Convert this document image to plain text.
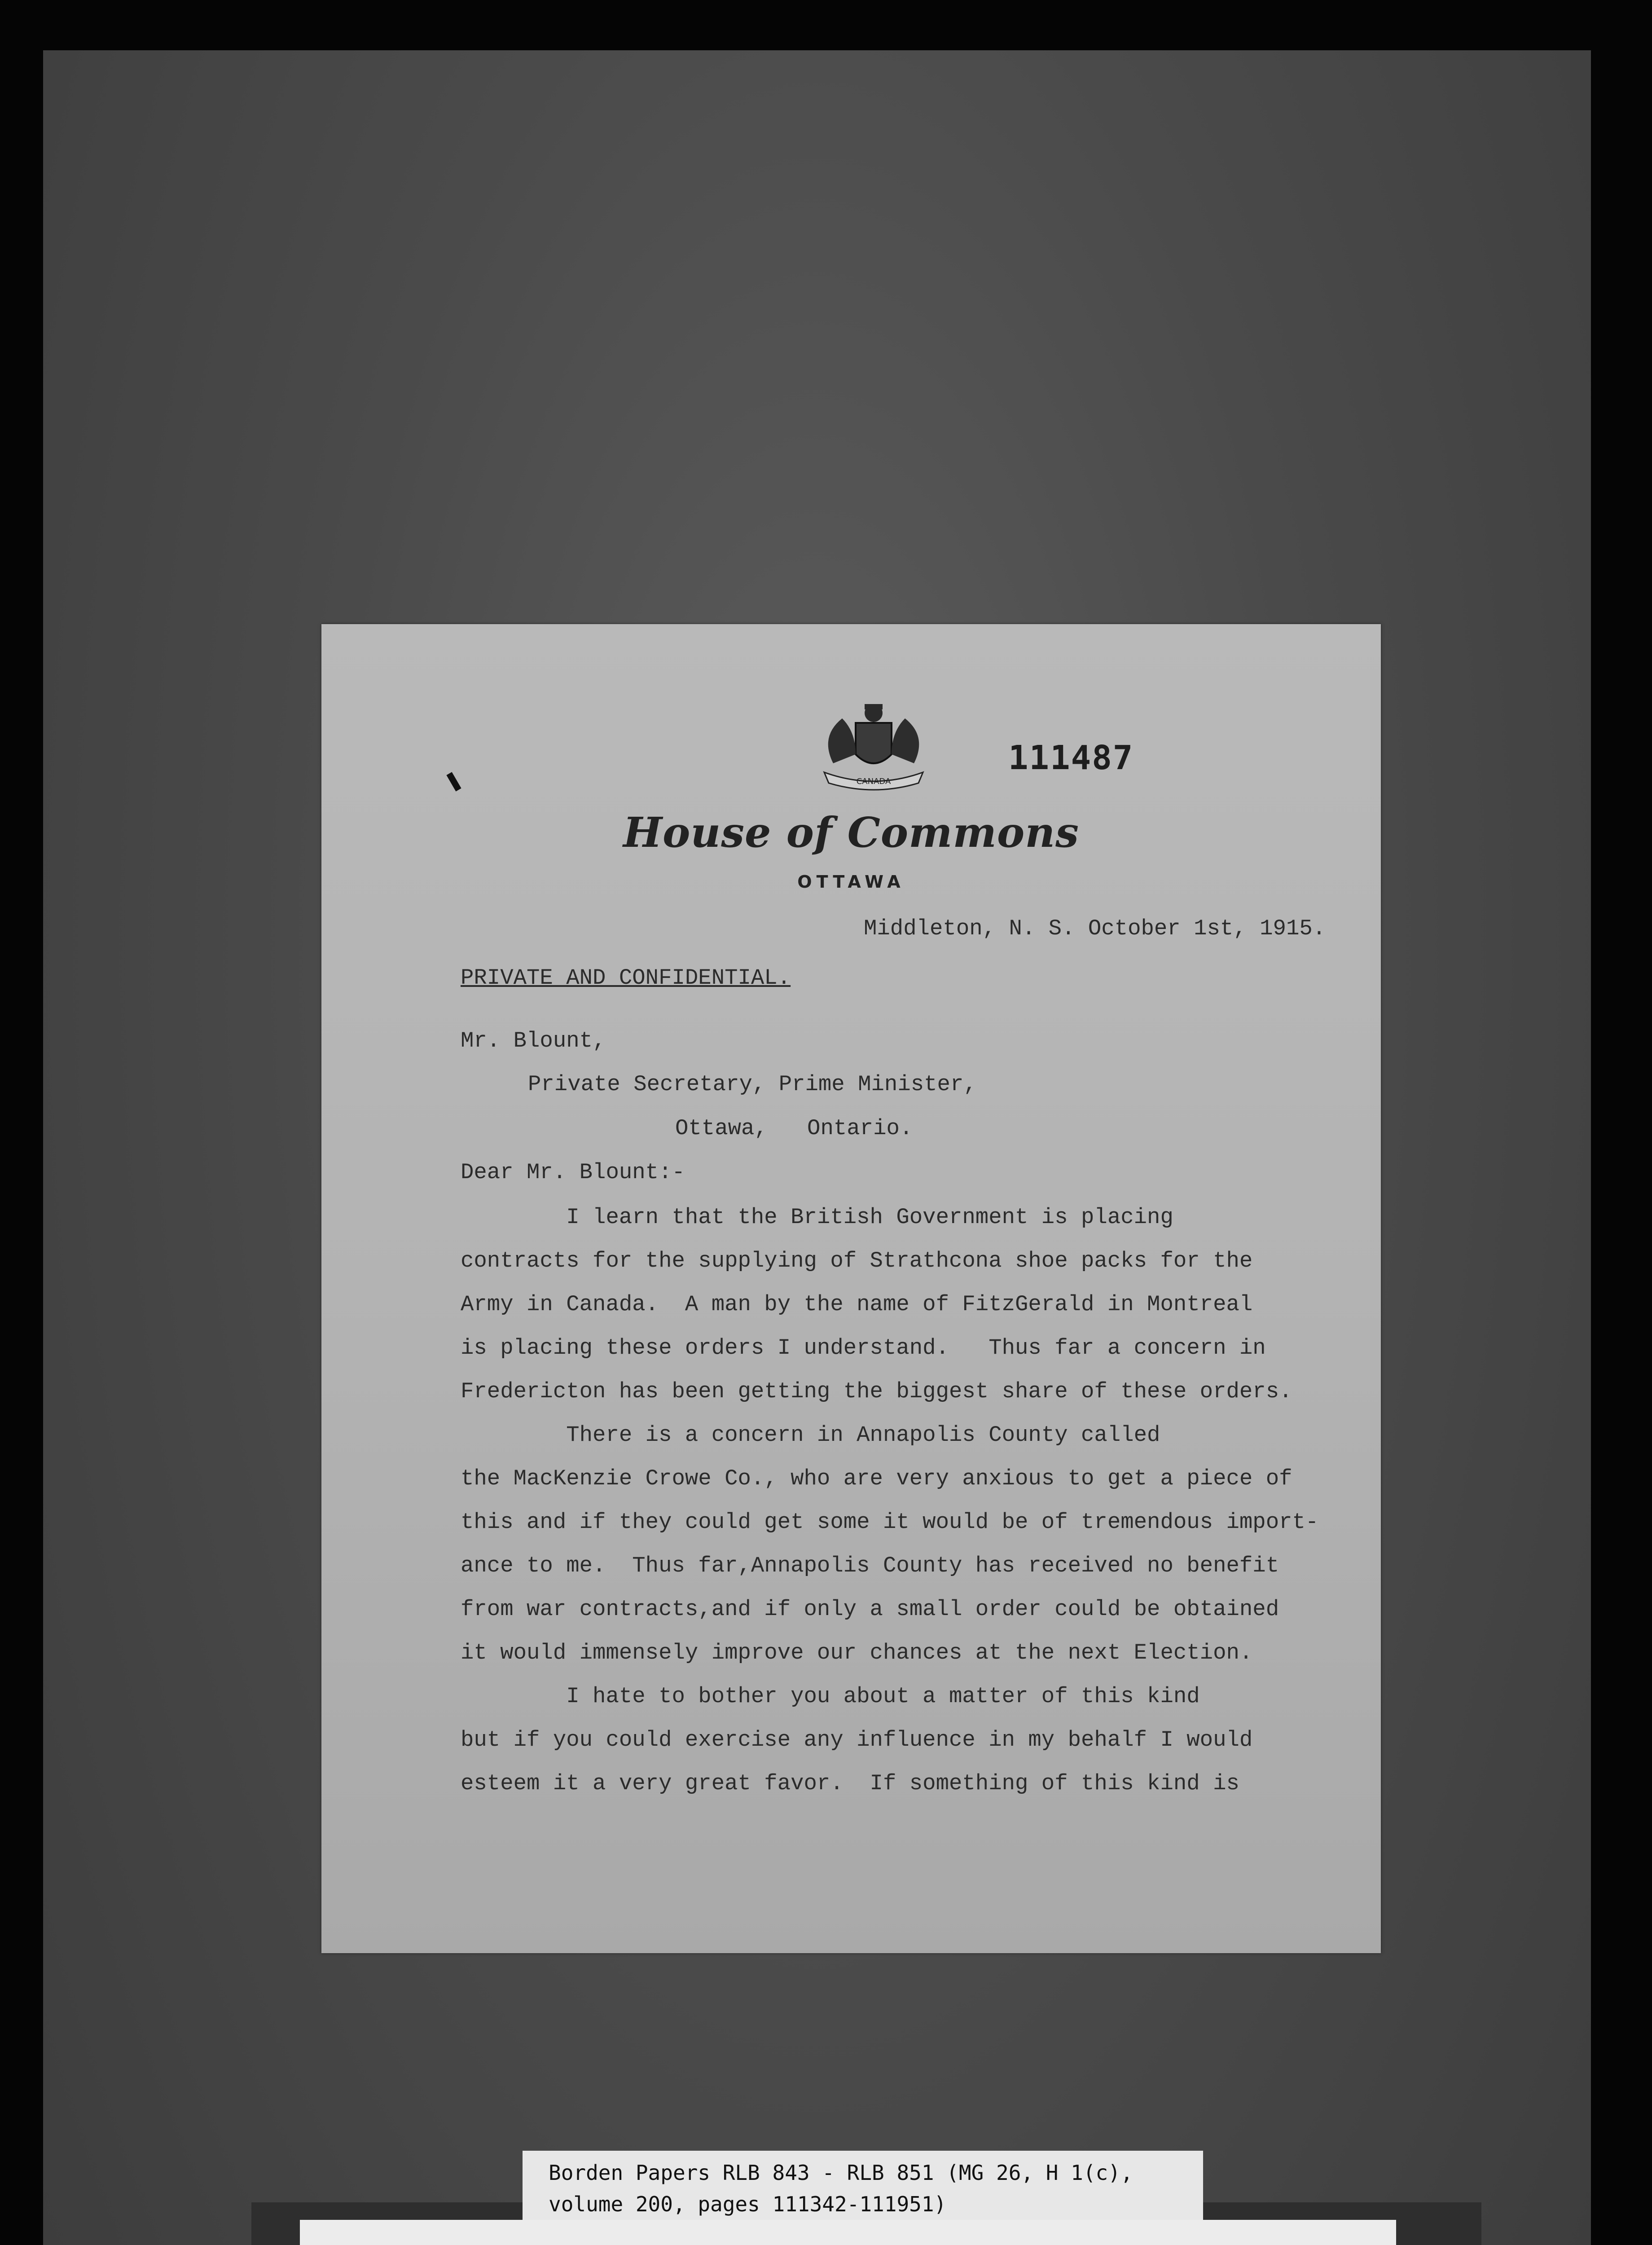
CANADA
111487
House of Commons
OTTAWA
Middleton, N. S. October 1st, 1915.
PRIVATE AND CONFIDENTIAL.
Mr. Blount,
Private Secretary, Prime Minister,
Ottawa,   Ontario.
Dear Mr. Blount:-
I learn that the British Government is placing
contracts for the supplying of Strathcona shoe packs for the
Army in Canada.  A man by the name of FitzGerald in Montreal
is placing these orders I understand.   Thus far a concern in
Fredericton has been getting the biggest share of these orders.
There is a concern in Annapolis County called
the MacKenzie Crowe Co., who are very anxious to get a piece of
this and if they could get some it would be of tremendous import-
ance to me.  Thus far,Annapolis County has received no benefit
from war contracts,and if only a small order could be obtained
it would immensely improve our chances at the next Election.
I hate to bother you about a matter of this kind
but if you could exercise any influence in my behalf I would
esteem it a very great favor.  If something of this kind is
Borden Papers RLB 843 - RLB 851 (MG 26, H 1(c),
volume 200, pages 111342-111951)
